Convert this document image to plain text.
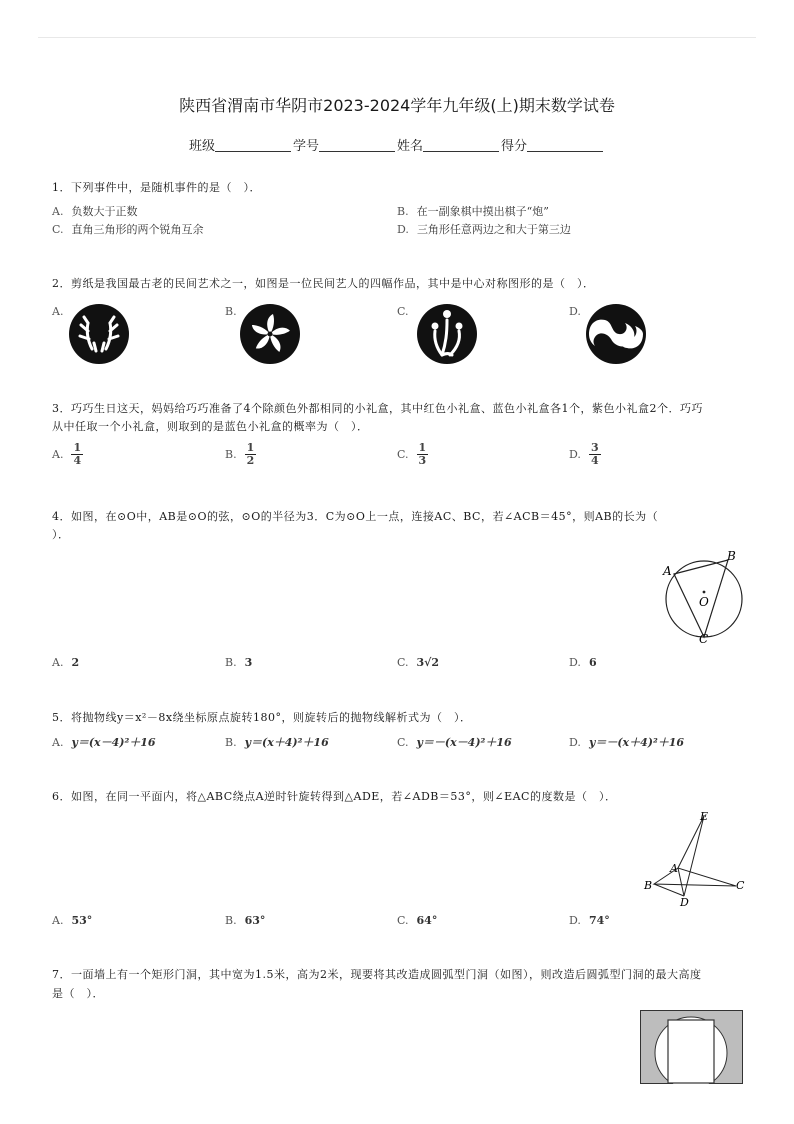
陕西省渭南市华阴市2023-2024学年九年级(上)期末数学试卷
班级	学号	姓名	得分
1．下列事件中，是随机事件的是（　）．
A. 负数大于正数	B. 在一副象棋中摸出棋子“炮”
C. 直角三角形的两个锐角互余	D. 三角形任意两边之和大于第三边
2．剪纸是我国最古老的民间艺术之一，如图是一位民间艺人的四幅作品，其中是中心对称图形的是（　）．
A.	B.	C.	D.
3．巧巧生日这天，妈妈给巧巧准备了4个除颜色外都相同的小礼盒，其中红色小礼盒、蓝色小礼盒各1个，紫色小礼盒2个．巧巧
从中任取一个小礼盒，则取到的是蓝色小礼盒的概率为（　）．
A. $\frac{1}{4}$	B. $\frac{1}{2}$	C. $\frac{1}{3}$	D. $\frac{3}{4}$
4．如图，在⊙O中，AB是⊙O的弦，⊙O的半径为3．C为⊙O上一点，连接AC、BC，若∠ACB＝45°，则AB的长为（
）．
A
B
O
C
A. 2	B. 3	C. 3√2	D. 6
5．将抛物线y＝x²－8x绕坐标原点旋转180°，则旋转后的抛物线解析式为（　）．
A. y＝(x－4)²＋16	B. y＝(x＋4)²＋16	C. y＝－(x－4)²＋16	D. y＝－(x＋4)²＋16
6．如图，在同一平面内，将△ABC绕点A逆时针旋转得到△ADE，若∠ADB＝53°，则∠EAC的度数是（　）．
E
A
B	C
D
A. 53°	B. 63°	C. 64°	D. 74°
7．一面墙上有一个矩形门洞，其中宽为1.5米，高为2米，现要将其改造成圆弧型门洞（如图），则改造后圆弧型门洞的最大高度
是（　）．
